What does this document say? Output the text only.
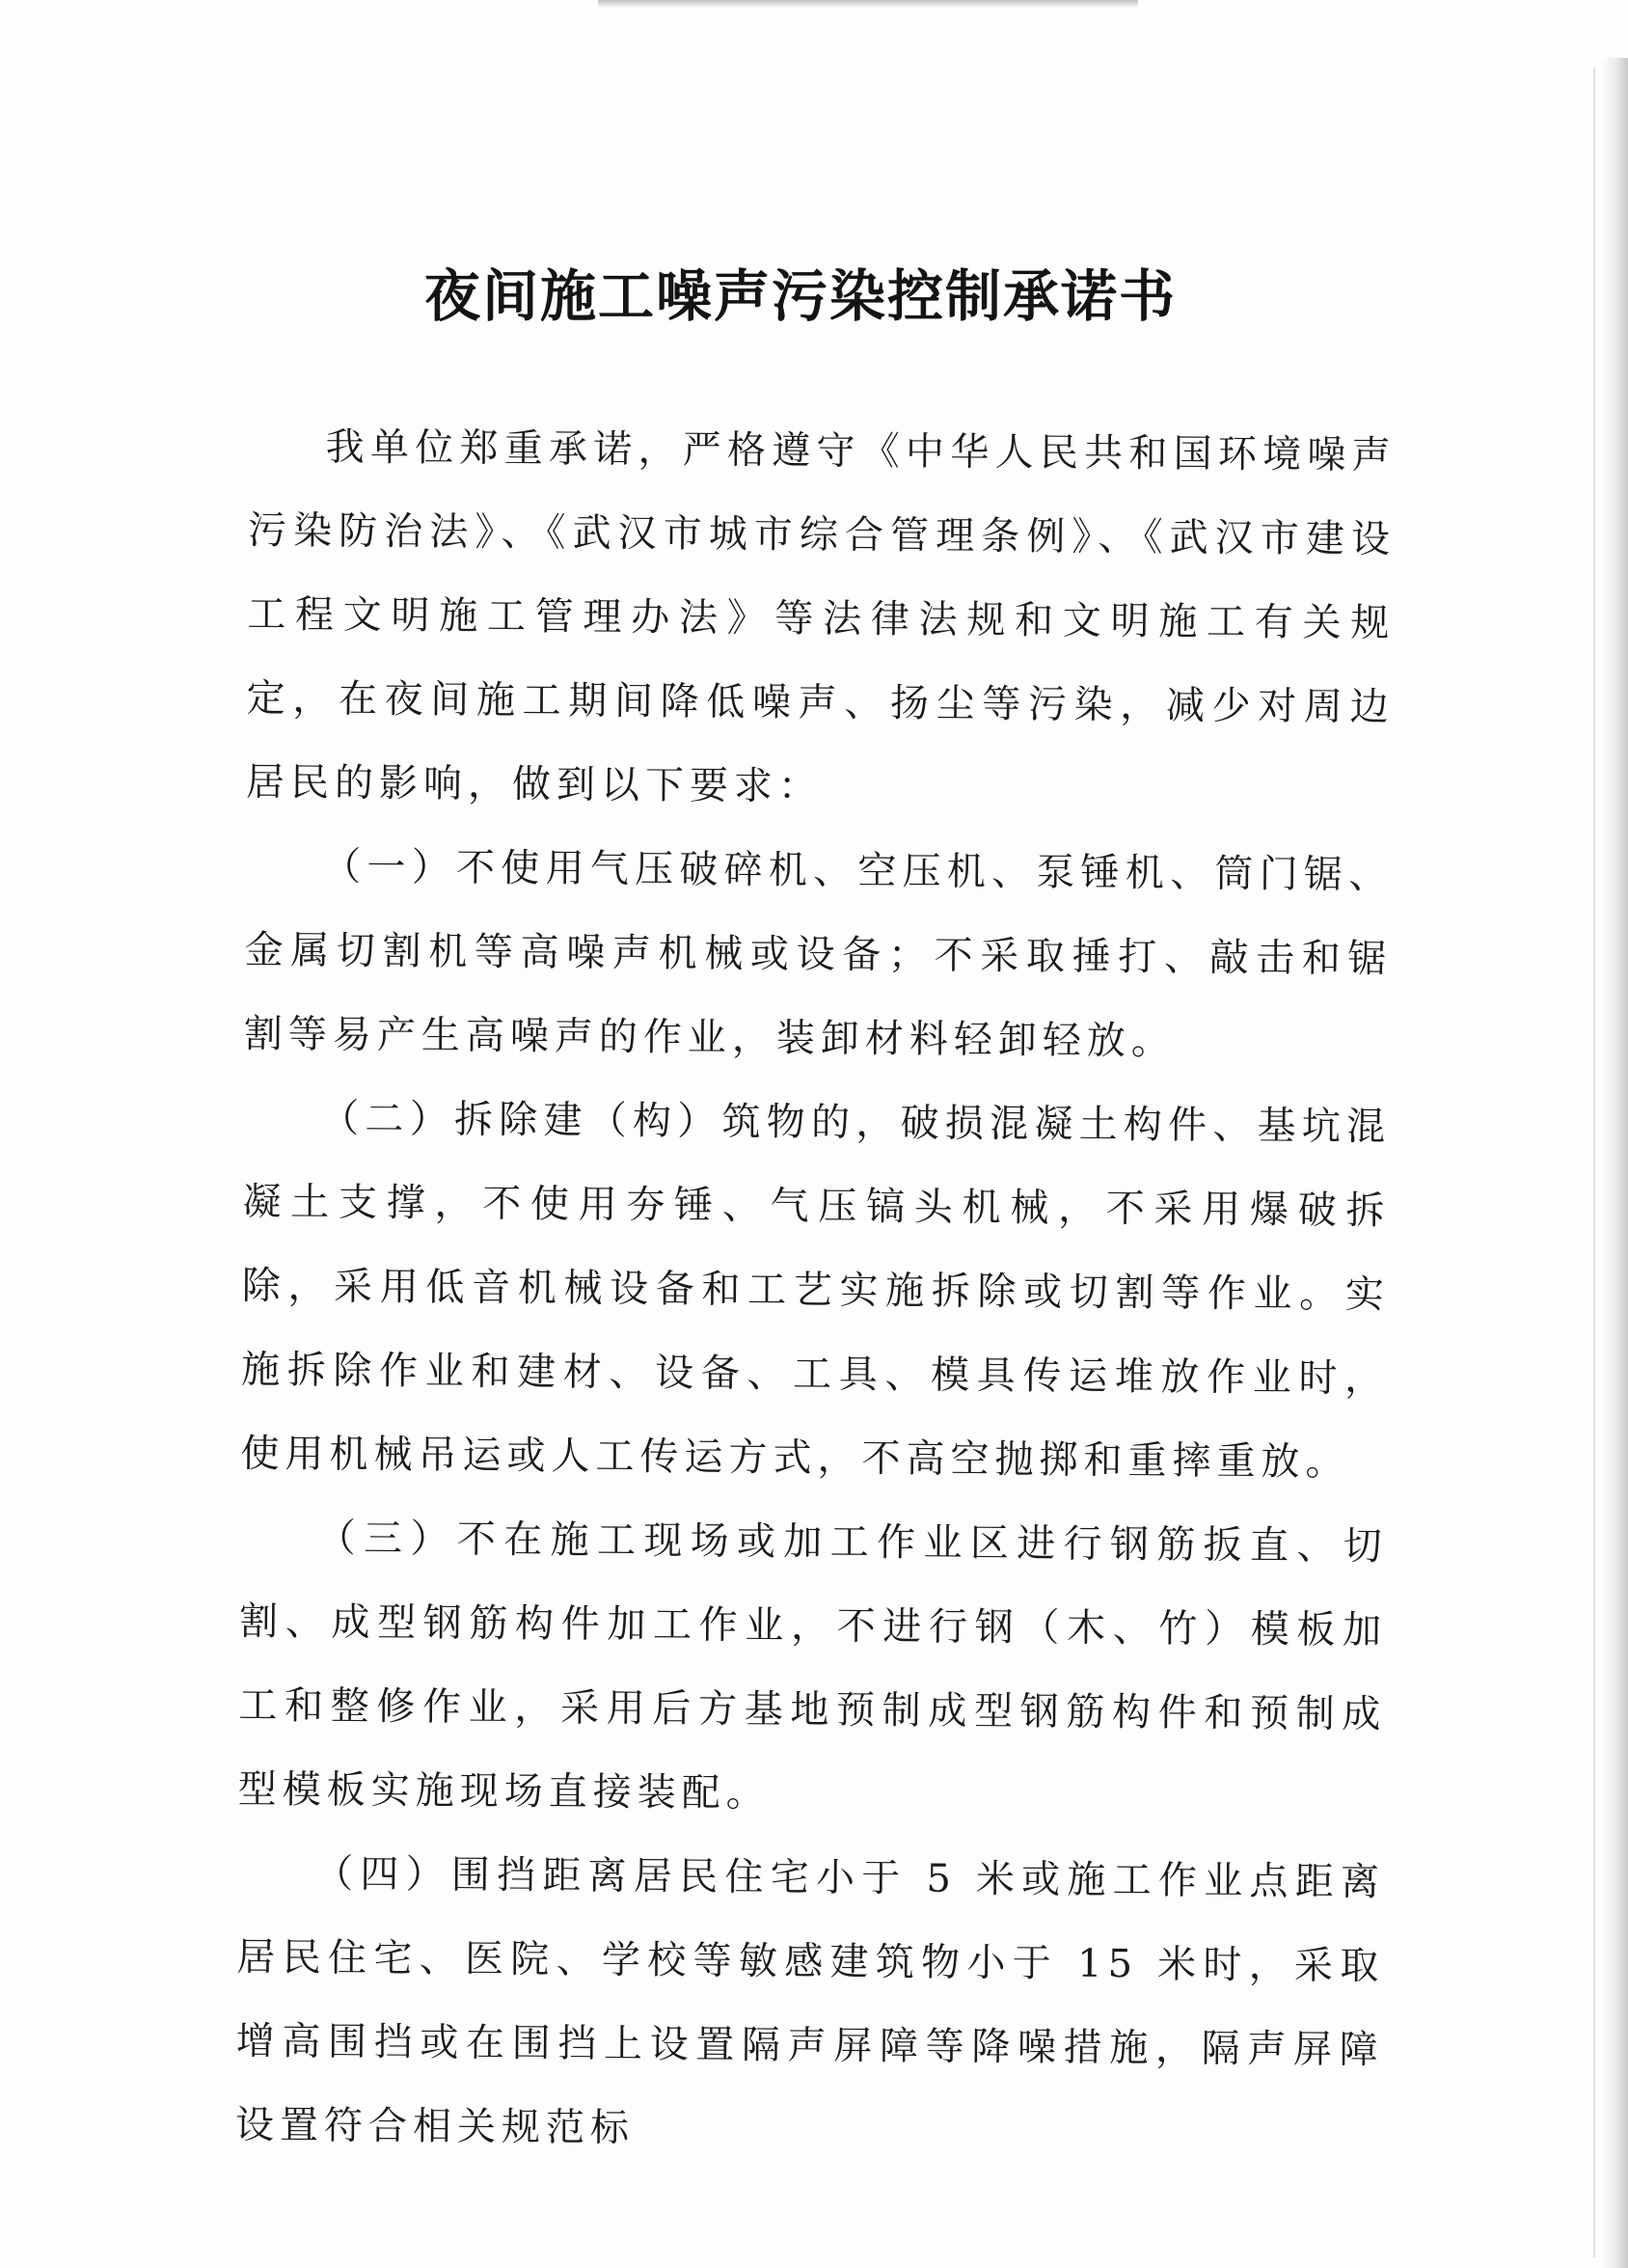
夜间施工噪声污染控制承诺书

我单位郑重承诺，严格遵守《中华人民共和国环境噪声污染防治法》、《武汉市城市综合管理条例》、《武汉市建设工程文明施工管理办法》等法律法规和文明施工有关规定，在夜间施工期间降低噪声、扬尘等污染，减少对周边居民的影响，做到以下要求：

（一）不使用气压破碎机、空压机、泵锤机、筒门锯、金属切割机等高噪声机械或设备；不采取捶打、敲击和锯割等易产生高噪声的作业，装卸材料轻卸轻放。

（二）拆除建（构）筑物的，破损混凝土构件、基坑混凝土支撑，不使用夯锤、气压镐头机械，不采用爆破拆除，采用低音机械设备和工艺实施拆除或切割等作业。实施拆除作业和建材、设备、工具、模具传运堆放作业时，使用机械吊运或人工传运方式，不高空抛掷和重摔重放。

（三）不在施工现场或加工作业区进行钢筋扳直、切割、成型钢筋构件加工作业，不进行钢（木、竹）模板加工和整修作业，采用后方基地预制成型钢筋构件和预制成型模板实施现场直接装配。

（四）围挡距离居民住宅小于 5 米或施工作业点距离居民住宅、医院、学校等敏感建筑物小于 15 米时，采取增高围挡或在围挡上设置隔声屏障等降噪措施，隔声屏障设置符合相关规范标
